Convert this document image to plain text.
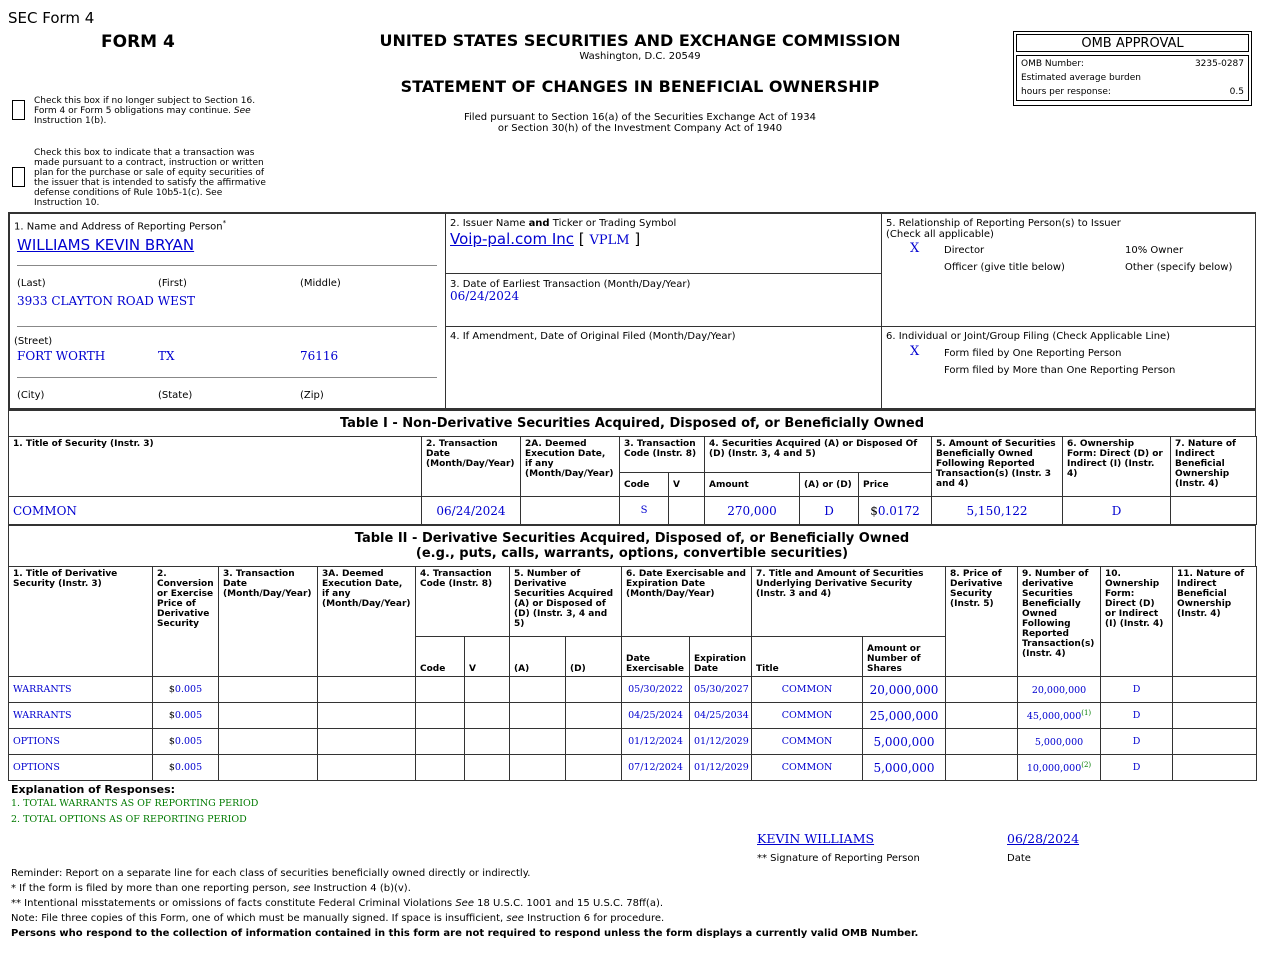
SEC Form 4
FORM 4	UNITED STATES SECURITIES AND EXCHANGE COMMISSION
Washington, D.C. 20549
STATEMENT OF CHANGES IN BENEFICIAL OWNERSHIP
Filed pursuant to Section 16(a) of the Securities Exchange Act of 1934
or Section 30(h) of the Investment Company Act of 1940
OMB APPROVAL
OMB Number:	3235-0287
Estimated average burden
hours per response:	0.5
Check this box if no longer subject to Section 16.
Form 4 or Form 5 obligations may continue. See
Instruction 1(b).
Check this box to indicate that a transaction was
made pursuant to a contract, instruction or written
plan for the purchase or sale of equity securities of
the issuer that is intended to satisfy the affirmative
defense conditions of Rule 10b5-1(c). See
Instruction 10.
1. Name and Address of Reporting Person*
WILLIAMS KEVIN BRYAN
(Last)	(First)	(Middle)
3933 CLAYTON ROAD WEST
(Street)
FORT WORTH	TX	76116
(City)	(State)	(Zip)
2. Issuer Name and Ticker or Trading Symbol
Voip-pal.com Inc [ VPLM ]
3. Date of Earliest Transaction (Month/Day/Year)
06/24/2024
4. If Amendment, Date of Original Filed (Month/Day/Year)
5. Relationship of Reporting Person(s) to Issuer
(Check all applicable)
X Director	10% Owner
Officer (give title below)	Other (specify below)
6. Individual or Joint/Group Filing (Check Applicable Line)
X Form filed by One Reporting Person
Form filed by More than One Reporting Person
Table I - Non-Derivative Securities Acquired, Disposed of, or Beneficially Owned
1. Title of Security (Instr. 3)	2. Transaction Date (Month/Day/Year)	2A. Deemed Execution Date, if any (Month/Day/Year)	3. Transaction Code (Instr. 8)		4. Securities Acquired (A) or Disposed Of (D) (Instr. 3, 4 and 5)			5. Amount of Securities Beneficially Owned Following Reported Transaction(s) (Instr. 3 and 4)	6. Ownership Form: Direct (D) or Indirect (I) (Instr. 4)	7. Nature of Indirect Beneficial Ownership (Instr. 4)
			Code	V	Amount	(A) or (D)	Price			
COMMON	06/24/2024		S		270,000	D	$0.0172	5,150,122	D	
Table II - Derivative Securities Acquired, Disposed of, or Beneficially Owned
(e.g., puts, calls, warrants, options, convertible securities)
1. Title of Derivative Security (Instr. 3)	2. Conversion or Exercise Price of Derivative Security	3. Transaction Date (Month/Day/Year)	3A. Deemed Execution Date, if any (Month/Day/Year)	4. Transaction Code (Instr. 8)		5. Number of Derivative Securities Acquired (A) or Disposed of (D) (Instr. 3, 4 and 5)		6. Date Exercisable and Expiration Date (Month/Day/Year)		7. Title and Amount of Securities Underlying Derivative Security (Instr. 3 and 4)		8. Price of Derivative Security (Instr. 5)	9. Number of derivative Securities Beneficially Owned Following Reported Transaction(s) (Instr. 4)	10. Ownership Form: Direct (D) or Indirect (I) (Instr. 4)	11. Nature of Indirect Beneficial Ownership (Instr. 4)
				Code	V	(A)	(D)	Date Exercisable	Expiration Date	Title	Amount or Number of Shares				
WARRANTS	$0.005							05/30/2022	05/30/2027	COMMON	20,000,000		20,000,000	D	
WARRANTS	$0.005							04/25/2024	04/25/2034	COMMON	25,000,000		45,000,000$^{(1)}$	D	
OPTIONS	$0.005							01/12/2024	01/12/2029	COMMON	5,000,000		5,000,000	D	
OPTIONS	$0.005							07/12/2024	01/12/2029	COMMON	5,000,000		10,000,000$^{(2)}$	D	
Explanation of Responses:
1. TOTAL WARRANTS AS OF REPORTING PERIOD
2. TOTAL OPTIONS AS OF REPORTING PERIOD
KEVIN WILLIAMS	06/28/2024
** Signature of Reporting Person	Date
Reminder: Report on a separate line for each class of securities beneficially owned directly or indirectly.
* If the form is filed by more than one reporting person, see Instruction 4 (b)(v).
** Intentional misstatements or omissions of facts constitute Federal Criminal Violations See 18 U.S.C. 1001 and 15 U.S.C. 78ff(a).
Note: File three copies of this Form, one of which must be manually signed. If space is insufficient, see Instruction 6 for procedure.
Persons who respond to the collection of information contained in this form are not required to respond unless the form displays a currently valid OMB Number.
